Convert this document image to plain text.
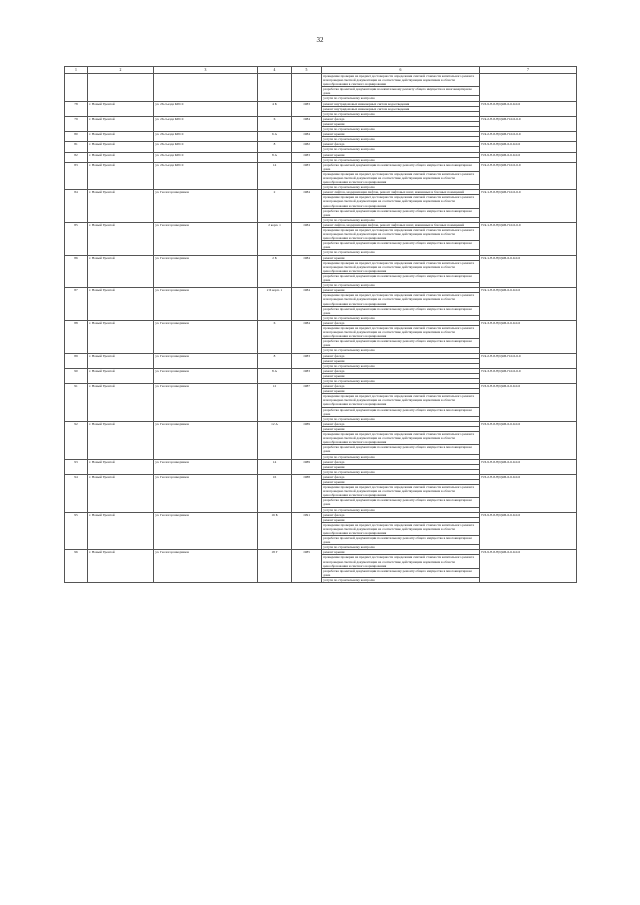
32
1	2	3	4	5	6	7
					проведение проверки на предмет достоверности определения сметной стоимости капитального ремонта или проверки сметной документации на соответствие действующим нормативам в области ценообразования в сметного нормирования	
					разработка проектной документации на капитальному ремонту общего имущества в многоквартирном доме	
					услуги по строительному контролю	
78	г. Новый Уренгой	ул. 26-съезда КПСС	4 Б	1983	ремонт внутридомовых инженерных систем водоотведения	П-5-6-П-8-П(С)КБ-0-0-0-0-0
					ремонт внутридомовых инженерных систем водоотведения	
					услуги по строительному контролю	
79	г. Новый Уренгой	ул. 26-съезда КПСС	6	1984	ремонт фасада	П-9-2-П-8-П(С)КБ-П-0-0-0-0
					ремонт крыши	
					услуги по строительному контролю	
80	г. Новый Уренгой	ул. 26-съезда КПСС	6 А	1984	ремонт крыши	П-9-2-П-8-П(С)КБ-П-0-0-0-0
					услуги по строительному контролю	
81	г. Новый Уренгой	ул. 26-съезда КПСС	8	1982	ремонт фасада	П-5-9-П-8-П(С)КБ-0-0-0-0-0
					услуги по строительному контролю	
82	г. Новый Уренгой	ул. 26-съезда КПСС	8 А	1983	ремонт крыши	П-5-6-П-8-П(С)КБ-0-0-0-0-0
					услуги по строительному контролю	
83	г. Новый Уренгой	ул. 26-съезда КПСС	14	1983	разработка проектной документации по капитальному ремонту общего имущества в многоквартирном доме	П-9-2-П-8-П(С)КБ-П-0-0-0-0
					проведение проверки на предмет достоверности определения сметной стоимости капитального ремонта или проверки сметной документации на соответствие действующим нормативам в области ценообразования и сметного нормирования	
					услуги по строительному контролю	
84	г. Новый Уренгой	ул. Геологоразведчиков	2	1984	ремонт лифтов, модернизация лифтов, ремонт лифтовых шахт, машинных и блочных помещений	П-9-1-П-8-П(С)КБ-П-0-0-0-0
					проведение проверки на предмет достоверности определения сметной стоимости капитального ремонта или проверки сметной документации на соответствие действующим нормативам в области ценообразования и сметного нормирования	
					разработка проектной документации по капитальному ремонту общего имущества в многоквартирном доме	
					услуги по строительному контролю	
85	г. Новый Уренгой	ул. Геологоразведчиков	2 корп. 1	1984	ремонт лифтов, модернизация лифтов, ремонт лифтовых шахт, машинных и блочных помещений	П-9-1-П-8-П(С)КБ-П-0-0-0-0
					проведение проверки на предмет достоверности определения сметной стоимости капитального ремонта или проверки сметной документации на соответствие действующим нормативам в области ценообразования и сметного нормирования	
					разработка проектной документации по капитальному ремонту общего имущества в многоквартирном доме	
					услуги по строительному контролю	
86	г. Новый Уренгой	ул. Геологоразведчиков	2 Б	1984	ремонт крыши	П-9-1-П-8-П(С)КБ-0-0-0-0-0
					проведение проверки на предмет достоверности определения сметной стоимости капитального ремонта или проверки сметной документации на соответствие действующим нормативам в области ценообразования и сметного нормирования	
					разработка проектной документации по капитальному ремонту общего имущества в многоквартирном доме	
					услуги по строительному контролю	
87	г. Новый Уренгой	ул. Геологоразведчиков	2 Б корп. 1	1984	ремонт крыши	П-9-1-П-8-П(С)КБ-0-0-0-0-0
					проведение проверки на предмет достоверности определения сметной стоимости капитального ремонта или проверки сметной документации на соответствие действующим нормативам в области ценообразования и сметного нормирования	
					разработка проектной документации по капитальному ремонту общего имущества в многоквартирном доме	
					услуги по строительному контролю	
88	г. Новый Уренгой	ул. Геологоразведчиков	6	1984	ремонт фасада	П-9-3-П-8-П(С)КБ-0-0-0-0-0
					проведение проверки на предмет достоверности определения сметной стоимости капитального ремонта или проверки сметной документации на соответствие действующим нормативам в области ценообразования и сметного нормирования	
					разработка проектной документации по капитальному ремонту общего имущества в многоквартирном доме	
					услуги по строительному контролю	
89	г. Новый Уренгой	ул. Геологоразведчиков	8	1983	ремонт фасада	П-9-2-П-8-П(С)КБ-П-0-0-0-0
					ремонт крыши	
					услуги по строительному контролю	
90	г. Новый Уренгой	ул. Геологоразведчиков	8 А	1983	ремонт фасада	П-9-3-П-8-П(С)КБ-П-0-0-0-0
					ремонт крыши	
					услуги по строительному контролю	
91	г. Новый Уренгой	ул. Геологоразведчиков	12	1987	ремонт фасада	П-5-6-П-8-П(С)КБ-0-0-0-0-0
					ремонт крыши	
					проведение проверки на предмет достоверности определения сметной стоимости капитального ремонта или проверки сметной документации на соответствие действующим нормативам в области ценообразования и сметного нормирования	
					разработка проектной документации по капитальному ремонту общего имущества в многоквартирном доме	
					услуги по строительному контролю	
92	г. Новый Уренгой	ул. Геологоразведчиков	12 А	1989	ремонт фасада	П-5-6-П-8-П(С)КБ-0-0-0-0-0
					ремонт крыши	
					проведение проверки на предмет достоверности определения сметной стоимости капитального ремонта или проверки сметной документации на соответствие действующим нормативам в области ценообразования и сметного нормирования	
					разработка проектной документации по капитальному ремонту общего имущества в многоквартирном доме	
					услуги по строительному контролю	
93	г. Новый Уренгой	ул. Геологоразведчиков	14	1989	ремонт фасада	П-5-6-П-8-П(С)КБ-0-0-0-0-0
					ремонт крыши	
					услуги по строительному контролю	
94	г. Новый Уренгой	ул. Геологоразведчиков	16	1988	ремонт фасада	П-5-2-П-8-П(С)КБ-0-0-0-0-0
					ремонт крыши	
					проведение проверки на предмет достоверности определения сметной стоимости капитального ремонта или проверки сметной документации на соответствие действующим нормативам в области ценообразования и сметного нормирования	
					разработка проектной документации по капитальному ремонту общего имущества в многоквартирном доме	
					услуги по строительному контролю	
95	г. Новый Уренгой	ул. Геологоразведчиков	16 Б	1991	ремонт фасада	П-5-6-П-8-П(С)КБ-0-0-0-0-0
					ремонт крыши	
					проведение проверки на предмет достоверности определения сметной стоимости капитального ремонта или проверки сметной документации на соответствие действующим нормативам в области ценообразования и сметного нормирования	
					разработка проектной документации по капитальному ремонту общего имущества в многоквартирном доме	
					услуги по строительному контролю	
96	г. Новый Уренгой	ул. Геологоразведчиков	18 Г	1985	ремонт крыши	П-5-6-П-8-П(С)КБ-0-0-0-0-0
					проведение проверки на предмет достоверности определения сметной стоимости капитального ремонта или проверки сметной документации на соответствие действующим нормативам в области ценообразования и сметного нормирования	
					разработка проектной документации по капитальному ремонту общего имущества в многоквартирном доме	
					услуги по строительному контролю	
